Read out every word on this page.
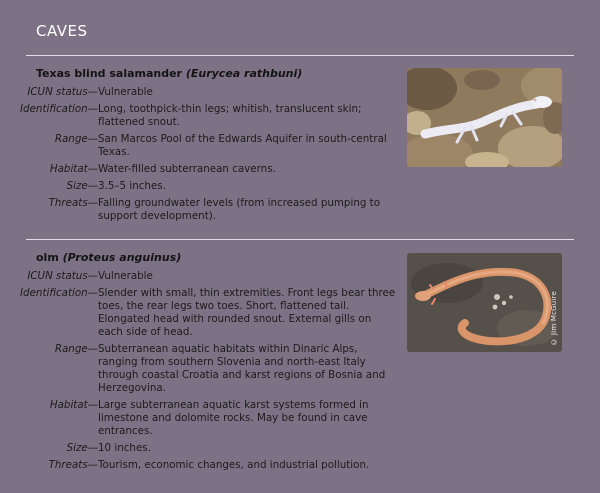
CAVES

Texas blind salamander (Eurycea rathbuni)

ICUN status— Vulnerable
Identification— Long, toothpick-thin legs; whitish, translucent skin; flattened snout.
Range— San Marcos Pool of the Edwards Aquifer in south-central Texas.
Habitat— Water-filled subterranean caverns.
Size— 3.5–5 inches.
Threats— Falling groundwater levels (from increased pumping to support development).

olm (Proteus anguinus)

ICUN status— Vulnerable
Identification— Slender with small, thin extremities. Front legs bear three toes, the rear legs two toes. Short, flattened tail. Elongated head with rounded snout. External gills on each side of head.
Range— Subterranean aquatic habitats within Dinaric Alps, ranging from southern Slovenia and north-east Italy through coastal Croatia and karst regions of Bosnia and Herzegovina.
Habitat— Large subterranean aquatic karst systems formed in limestone and dolomite rocks. May be found in cave entrances.
Size— 10 inches.
Threats— Tourism, economic changes, and industrial pollution.
© Jim McGuire
